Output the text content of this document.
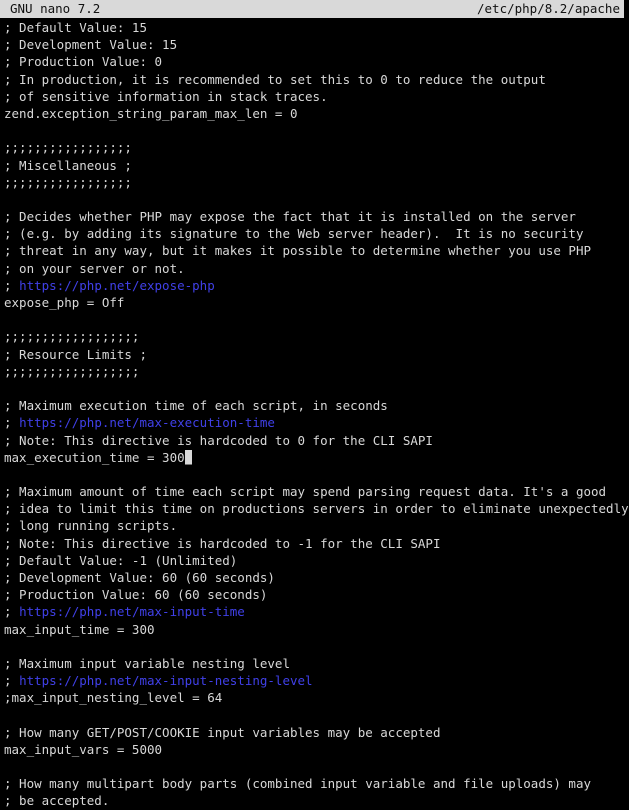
GNU nano 7.2	/etc/php/8.2/apache
; Default Value: 15
; Development Value: 15
; Production Value: 0
; In production, it is recommended to set this to 0 to reduce the output
; of sensitive information in stack traces.
zend.exception_string_param_max_len = 0

;;;;;;;;;;;;;;;;;
; Miscellaneous ;
;;;;;;;;;;;;;;;;;

; Decides whether PHP may expose the fact that it is installed on the server
; (e.g. by adding its signature to the Web server header).  It is no security
; threat in any way, but it makes it possible to determine whether you use PHP
; on your server or not.
; https://php.net/expose-php
expose_php = Off

;;;;;;;;;;;;;;;;;;
; Resource Limits ;
;;;;;;;;;;;;;;;;;;

; Maximum execution time of each script, in seconds
; https://php.net/max-execution-time
; Note: This directive is hardcoded to 0 for the CLI SAPI
max_execution_time = 300_

; Maximum amount of time each script may spend parsing request data. It's a good
; idea to limit this time on productions servers in order to eliminate unexpectedly
; long running scripts.
; Note: This directive is hardcoded to -1 for the CLI SAPI
; Default Value: -1 (Unlimited)
; Development Value: 60 (60 seconds)
; Production Value: 60 (60 seconds)
; https://php.net/max-input-time
max_input_time = 300

; Maximum input variable nesting level
; https://php.net/max-input-nesting-level
;max_input_nesting_level = 64

; How many GET/POST/COOKIE input variables may be accepted
max_input_vars = 5000

; How many multipart body parts (combined input variable and file uploads) may
; be accepted.
